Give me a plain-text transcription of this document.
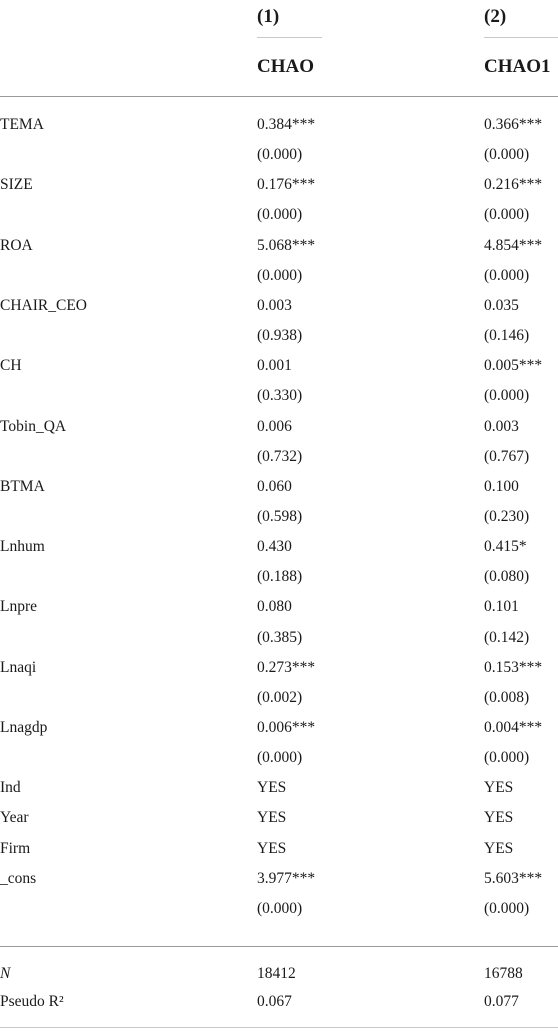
(1)	(2)
CHAO	CHAO1
TEMA	0.384***	0.366***
(0.000)	(0.000)
SIZE	0.176***	0.216***
(0.000)	(0.000)
ROA	5.068***	4.854***
(0.000)	(0.000)
CHAIR_CEO	0.003	0.035
(0.938)	(0.146)
CH	0.001	0.005***
(0.330)	(0.000)
Tobin_QA	0.006	0.003
(0.732)	(0.767)
BTMA	0.060	0.100
(0.598)	(0.230)
Lnhum	0.430	0.415*
(0.188)	(0.080)
Lnpre	0.080	0.101
(0.385)	(0.142)
Lnaqi	0.273***	0.153***
(0.002)	(0.008)
Lnagdp	0.006***	0.004***
(0.000)	(0.000)
Ind	YES	YES
Year	YES	YES
Firm	YES	YES
_cons	3.977***	5.603***
(0.000)	(0.000)
N	18412	16788
Pseudo R²	0.067	0.077
